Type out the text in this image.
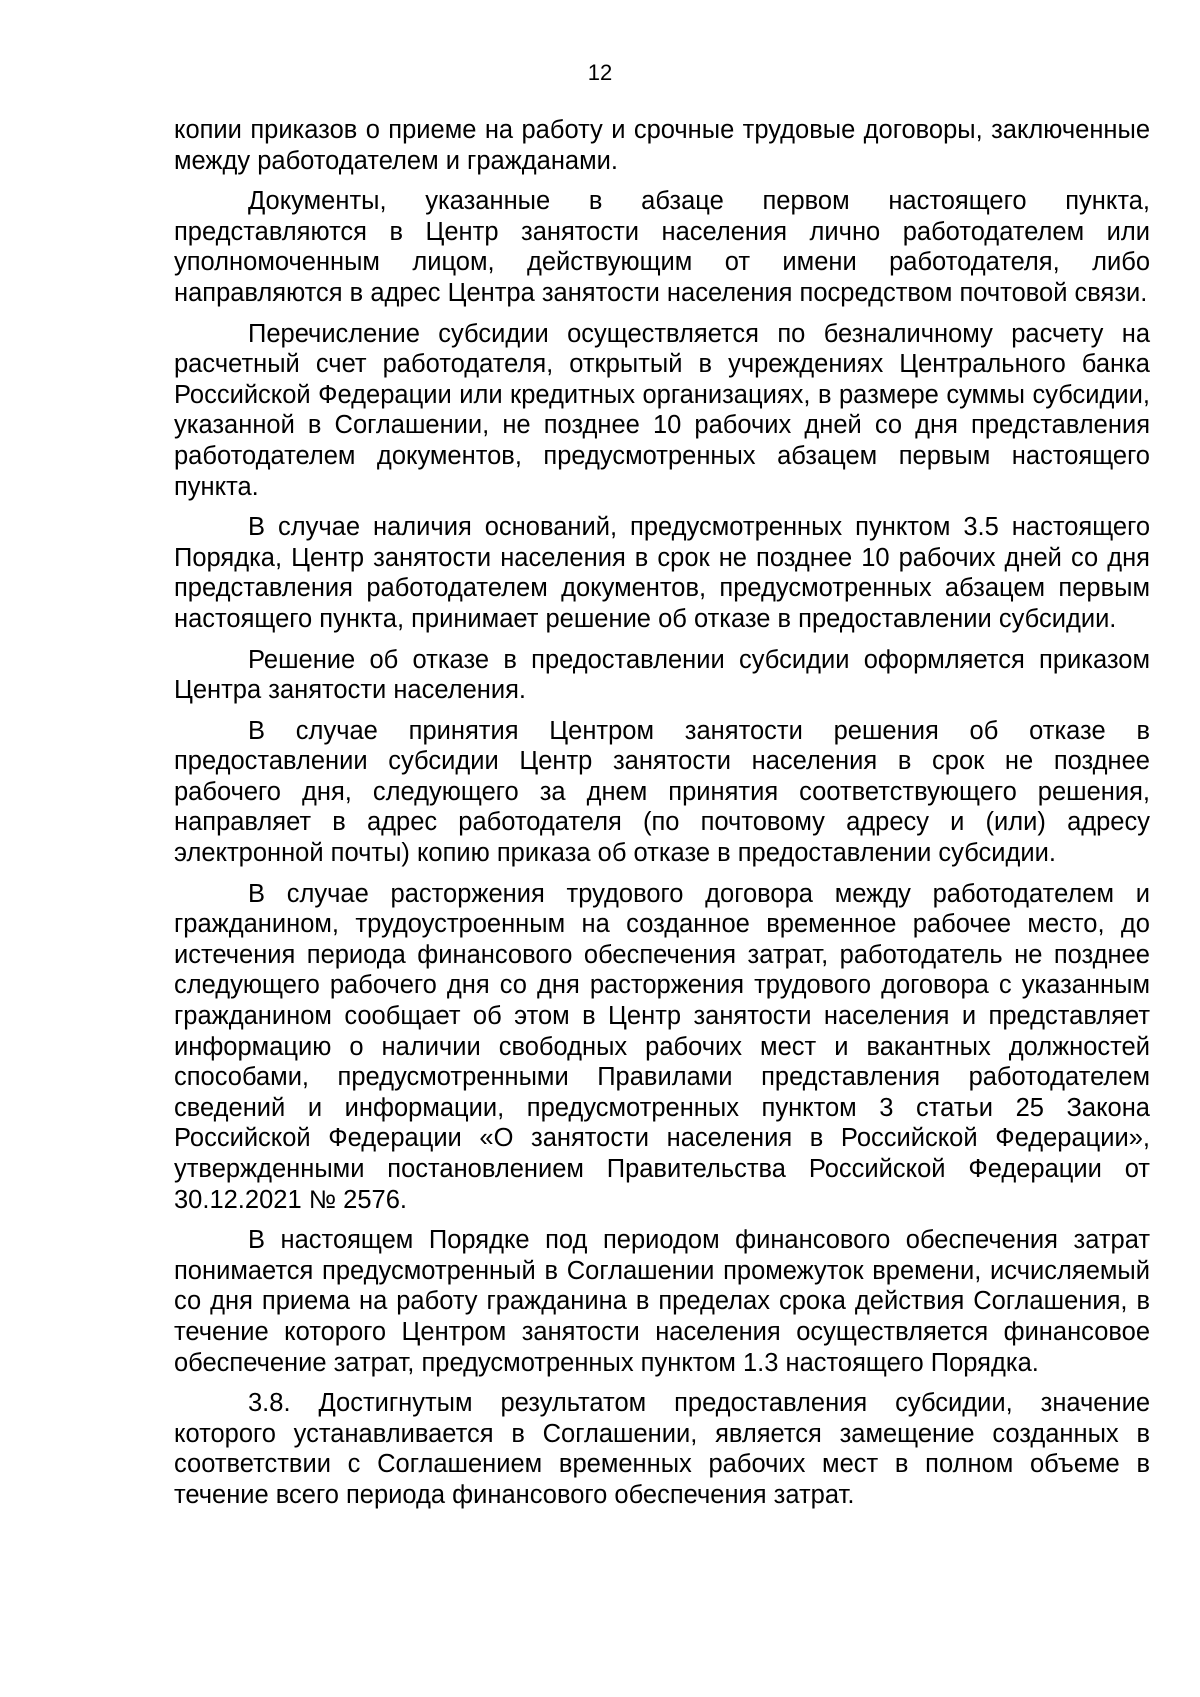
12

копии приказов о приеме на работу и срочные трудовые договоры, заключенные между работодателем и гражданами.

Документы, указанные в абзаце первом настоящего пункта, представляются в Центр занятости населения лично работодателем или уполномоченным лицом, действующим от имени работодателя, либо направляются в адрес Центра занятости населения посредством почтовой связи.

Перечисление субсидии осуществляется по безналичному расчету на расчетный счет работодателя, открытый в учреждениях Центрального банка Российской Федерации или кредитных организациях, в размере суммы субсидии, указанной в Соглашении, не позднее 10 рабочих дней со дня представления работодателем документов, предусмотренных абзацем первым настоящего пункта.

В случае наличия оснований, предусмотренных пунктом 3.5 настоящего Порядка, Центр занятости населения в срок не позднее 10 рабочих дней со дня представления работодателем документов, предусмотренных абзацем первым настоящего пункта, принимает решение об отказе в предоставлении субсидии.

Решение об отказе в предоставлении субсидии оформляется приказом Центра занятости населения.

В случае принятия Центром занятости решения об отказе в предоставлении субсидии Центр занятости населения в срок не позднее рабочего дня, следующего за днем принятия соответствующего решения, направляет в адрес работодателя (по почтовому адресу и (или) адресу электронной почты) копию приказа об отказе в предоставлении субсидии.

В случае расторжения трудового договора между работодателем и гражданином, трудоустроенным на созданное временное рабочее место, до истечения периода финансового обеспечения затрат, работодатель не позднее следующего рабочего дня со дня расторжения трудового договора с указанным гражданином сообщает об этом в Центр занятости населения и представляет информацию о наличии свободных рабочих мест и вакантных должностей способами, предусмотренными Правилами представления работодателем сведений и информации, предусмотренных пунктом 3 статьи 25 Закона Российской Федерации «О занятости населения в Российской Федерации», утвержденными постановлением Правительства Российской Федерации от 30.12.2021 № 2576.

В настоящем Порядке под периодом финансового обеспечения затрат понимается предусмотренный в Соглашении промежуток времени, исчисляемый со дня приема на работу гражданина в пределах срока действия Соглашения, в течение которого Центром занятости населения осуществляется финансовое обеспечение затрат, предусмотренных пунктом 1.3 настоящего Порядка.

3.8. Достигнутым результатом предоставления субсидии, значение которого устанавливается в Соглашении, является замещение созданных в соответствии с Соглашением временных рабочих мест в полном объеме в течение всего периода финансового обеспечения затрат.
